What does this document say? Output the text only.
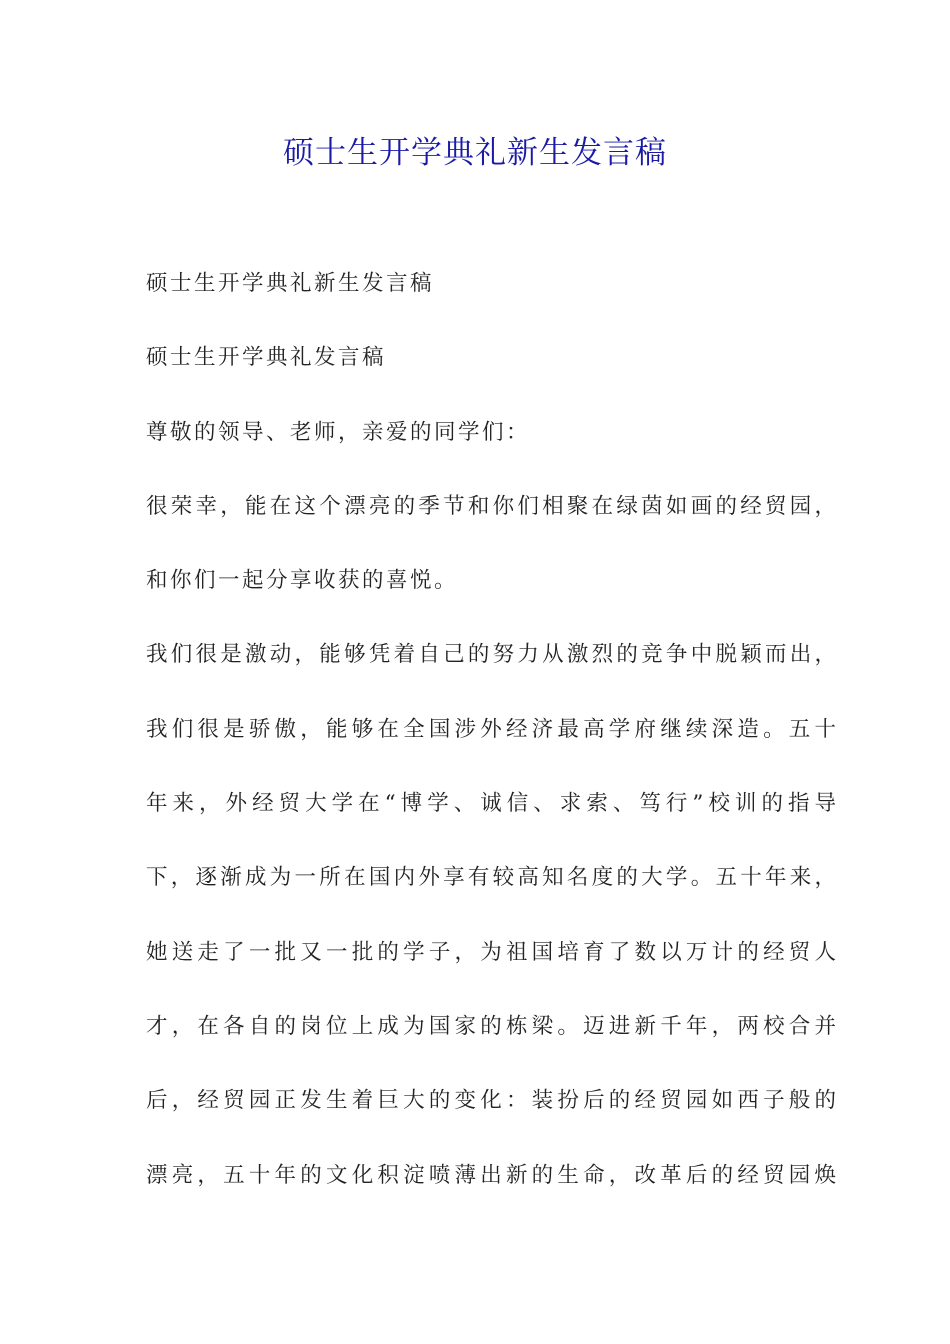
硕士生开学典礼新生发言稿
硕士生开学典礼新生发言稿
硕士生开学典礼发言稿
尊敬的领导、老师，亲爱的同学们：
很荣幸，能在这个漂亮的季节和你们相聚在绿茵如画的经贸园，
和你们一起分享收获的喜悦。
我们很是激动，能够凭着自己的努力从激烈的竞争中脱颖而出，
我们很是骄傲，能够在全国涉外经济最高学府继续深造。五十
年来，外经贸大学在“博学、诚信、求索、笃行”校训的指导
下，逐渐成为一所在国内外享有较高知名度的大学。五十年来，
她送走了一批又一批的学子，为祖国培育了数以万计的经贸人
才，在各自的岗位上成为国家的栋梁。迈进新千年，两校合并
后，经贸园正发生着巨大的变化：装扮后的经贸园如西子般的
漂亮，五十年的文化积淀喷薄出新的生命，改革后的经贸园焕
